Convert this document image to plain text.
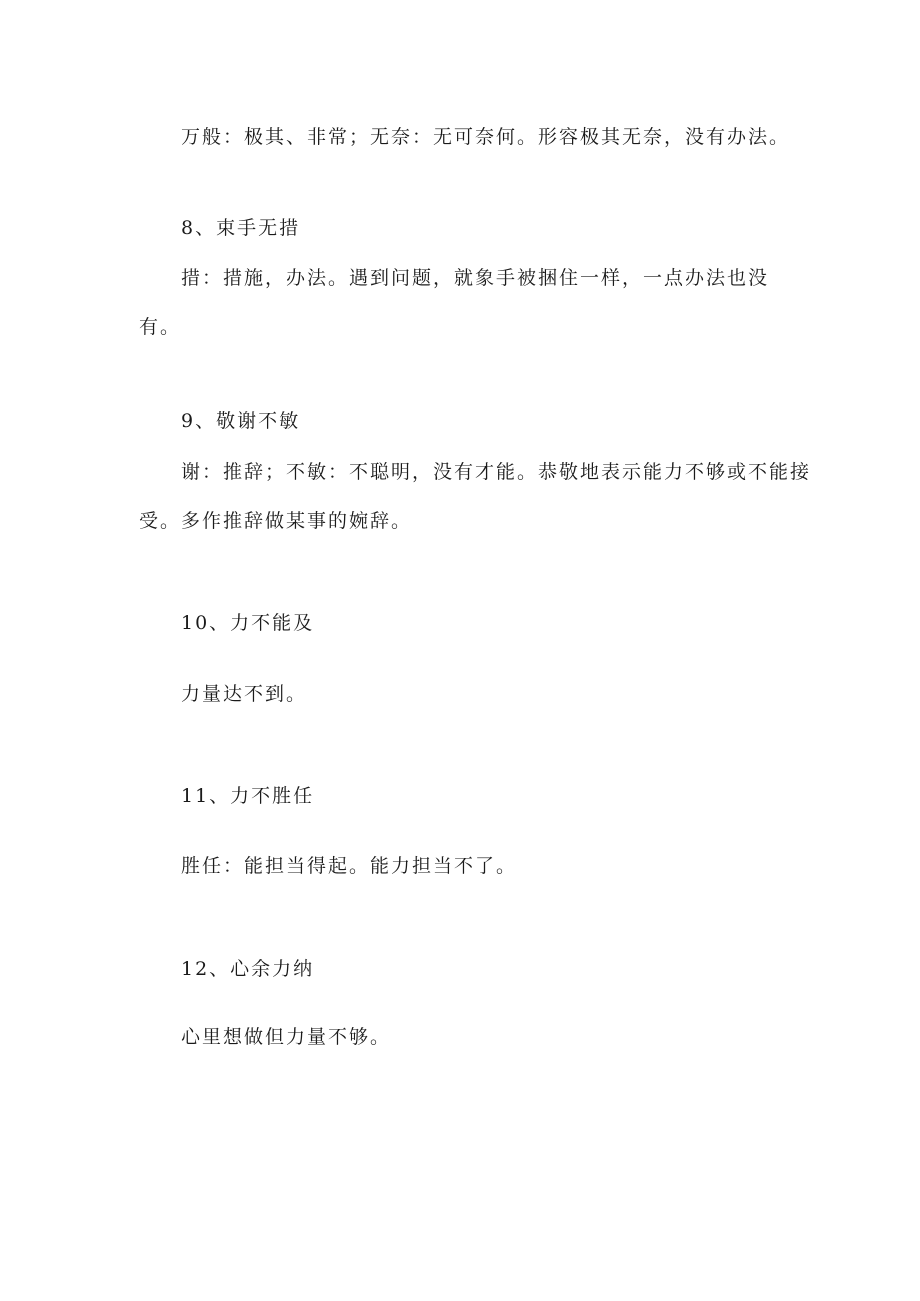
万般：极其、非常；无奈：无可奈何。形容极其无奈，没有办法。
8、束手无措
措：措施，办法。遇到问题，就象手被捆住一样，一点办法也没
有。
9、敬谢不敏
谢：推辞；不敏：不聪明，没有才能。恭敬地表示能力不够或不能接
受。多作推辞做某事的婉辞。
10、力不能及
力量达不到。
11、力不胜任
胜任：能担当得起。能力担当不了。
12、心余力纳
心里想做但力量不够。
